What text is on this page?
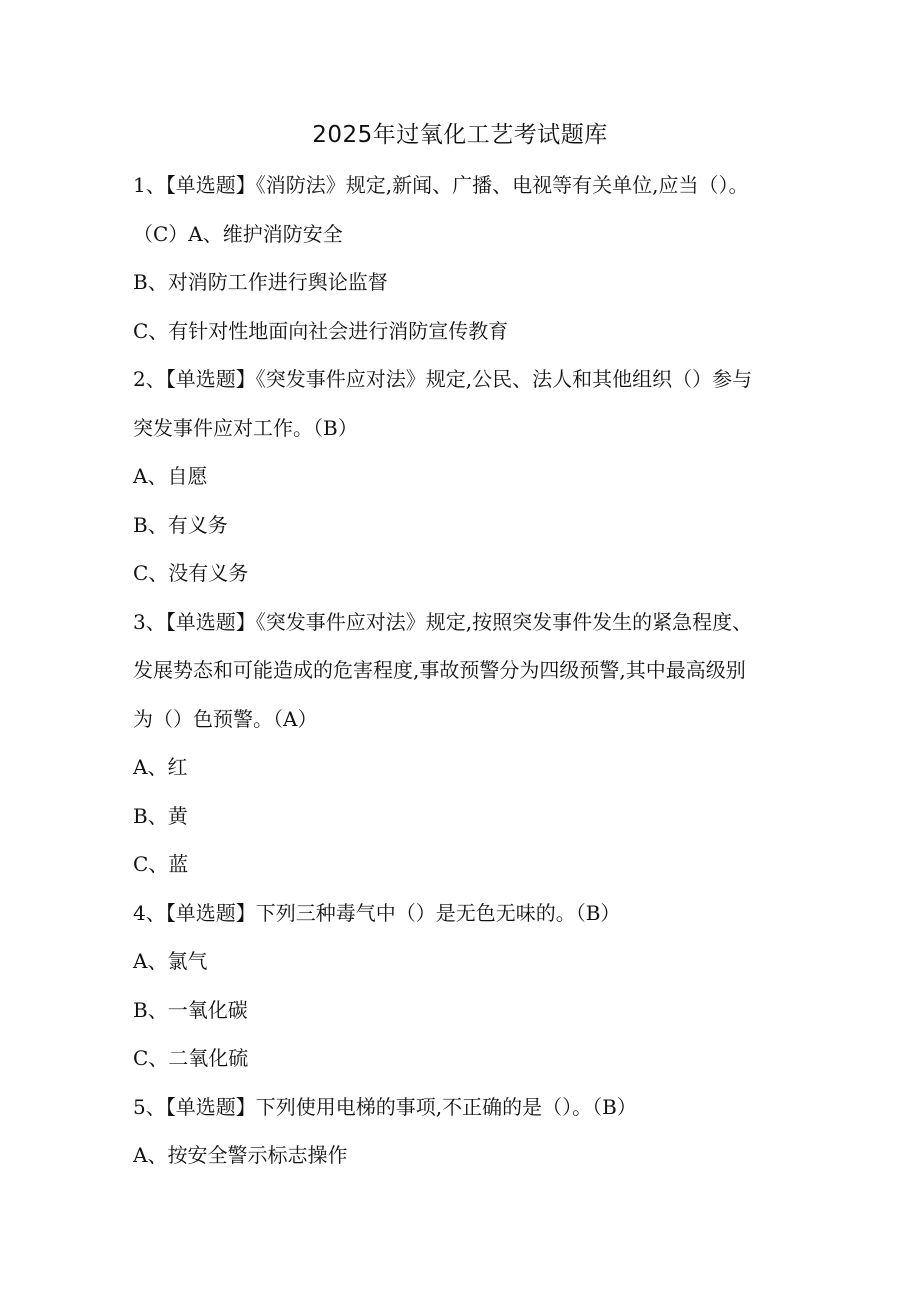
2025年过氧化工艺考试题库
1、【单选题】《消防法》规定,新闻、广播、电视等有关单位,应当（）。
（C）A、维护消防安全
B、对消防工作进行舆论监督
C、有针对性地面向社会进行消防宣传教育
2、【单选题】《突发事件应对法》规定,公民、法人和其他组织（）参与
突发事件应对工作。（B）
A、自愿
B、有义务
C、没有义务
3、【单选题】《突发事件应对法》规定,按照突发事件发生的紧急程度、
发展势态和可能造成的危害程度,事故预警分为四级预警,其中最高级别
为（）色预警。（A）
A、红
B、黄
C、蓝
4、【单选题】下列三种毒气中（）是无色无味的。（B）
A、氯气
B、一氧化碳
C、二氧化硫
5、【单选题】下列使用电梯的事项,不正确的是（）。（B）
A、按安全警示标志操作
